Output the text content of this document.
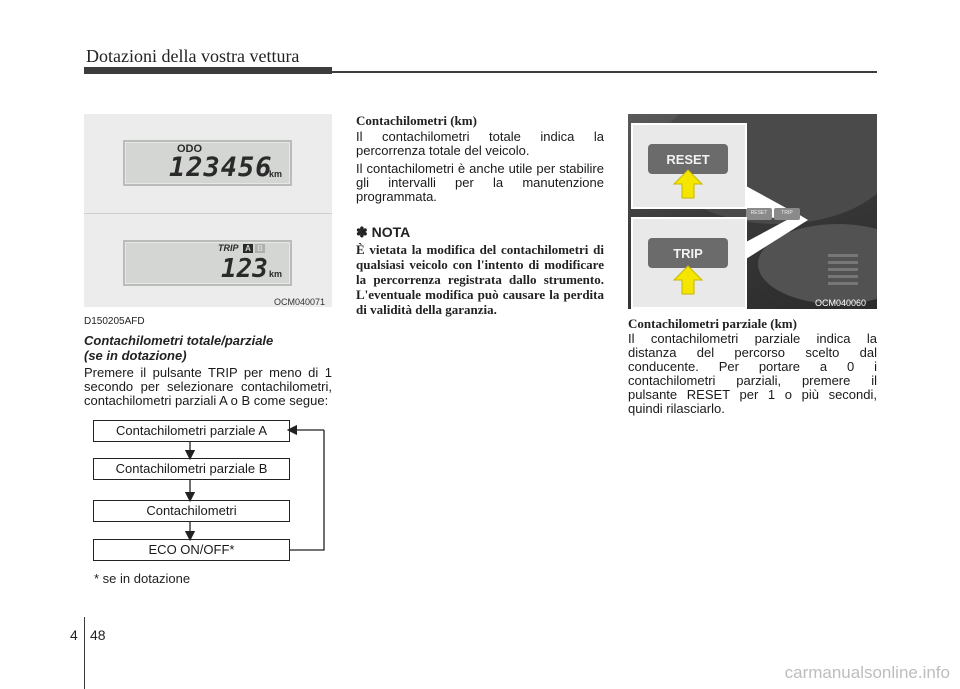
Dotazioni della vostra vettura
ODO
123456
km
TRIP A B
123 km
OCM040071
D150205AFD
Contachilometri totale/parziale
(se in dotazione)
Premere il pulsante TRIP per meno di 1 secondo per selezionare contachilometri, contachilometri parziali A o B come segue:
Contachilometri parziale A
Contachilometri parziale B
Contachilometri
ECO ON/OFF*
* se in dotazione
Contachilometri (km)
Il contachilometri totale indica la percorrenza totale del veicolo.
Il contachilometri è anche utile per stabilire gli intervalli per la manutenzione programmata.
✽ NOTA
È vietata la modifica del contachilometri di qualsiasi veicolo con l'intento di modificare la percorrenza registrata dallo strumento. L'eventuale modifica può causare la perdita di validità della garanzia.
RESET
TRIP
RESET	TRIP
OCM040060
Contachilometri parziale (km)
Il contachilometri parziale indica la distanza del percorso scelto dal conducente. Per portare a 0 i contachilometri parziali, premere il pulsante RESET per 1 o più secondi, quindi rilasciarlo.
4 48
carmanualsonline.info
